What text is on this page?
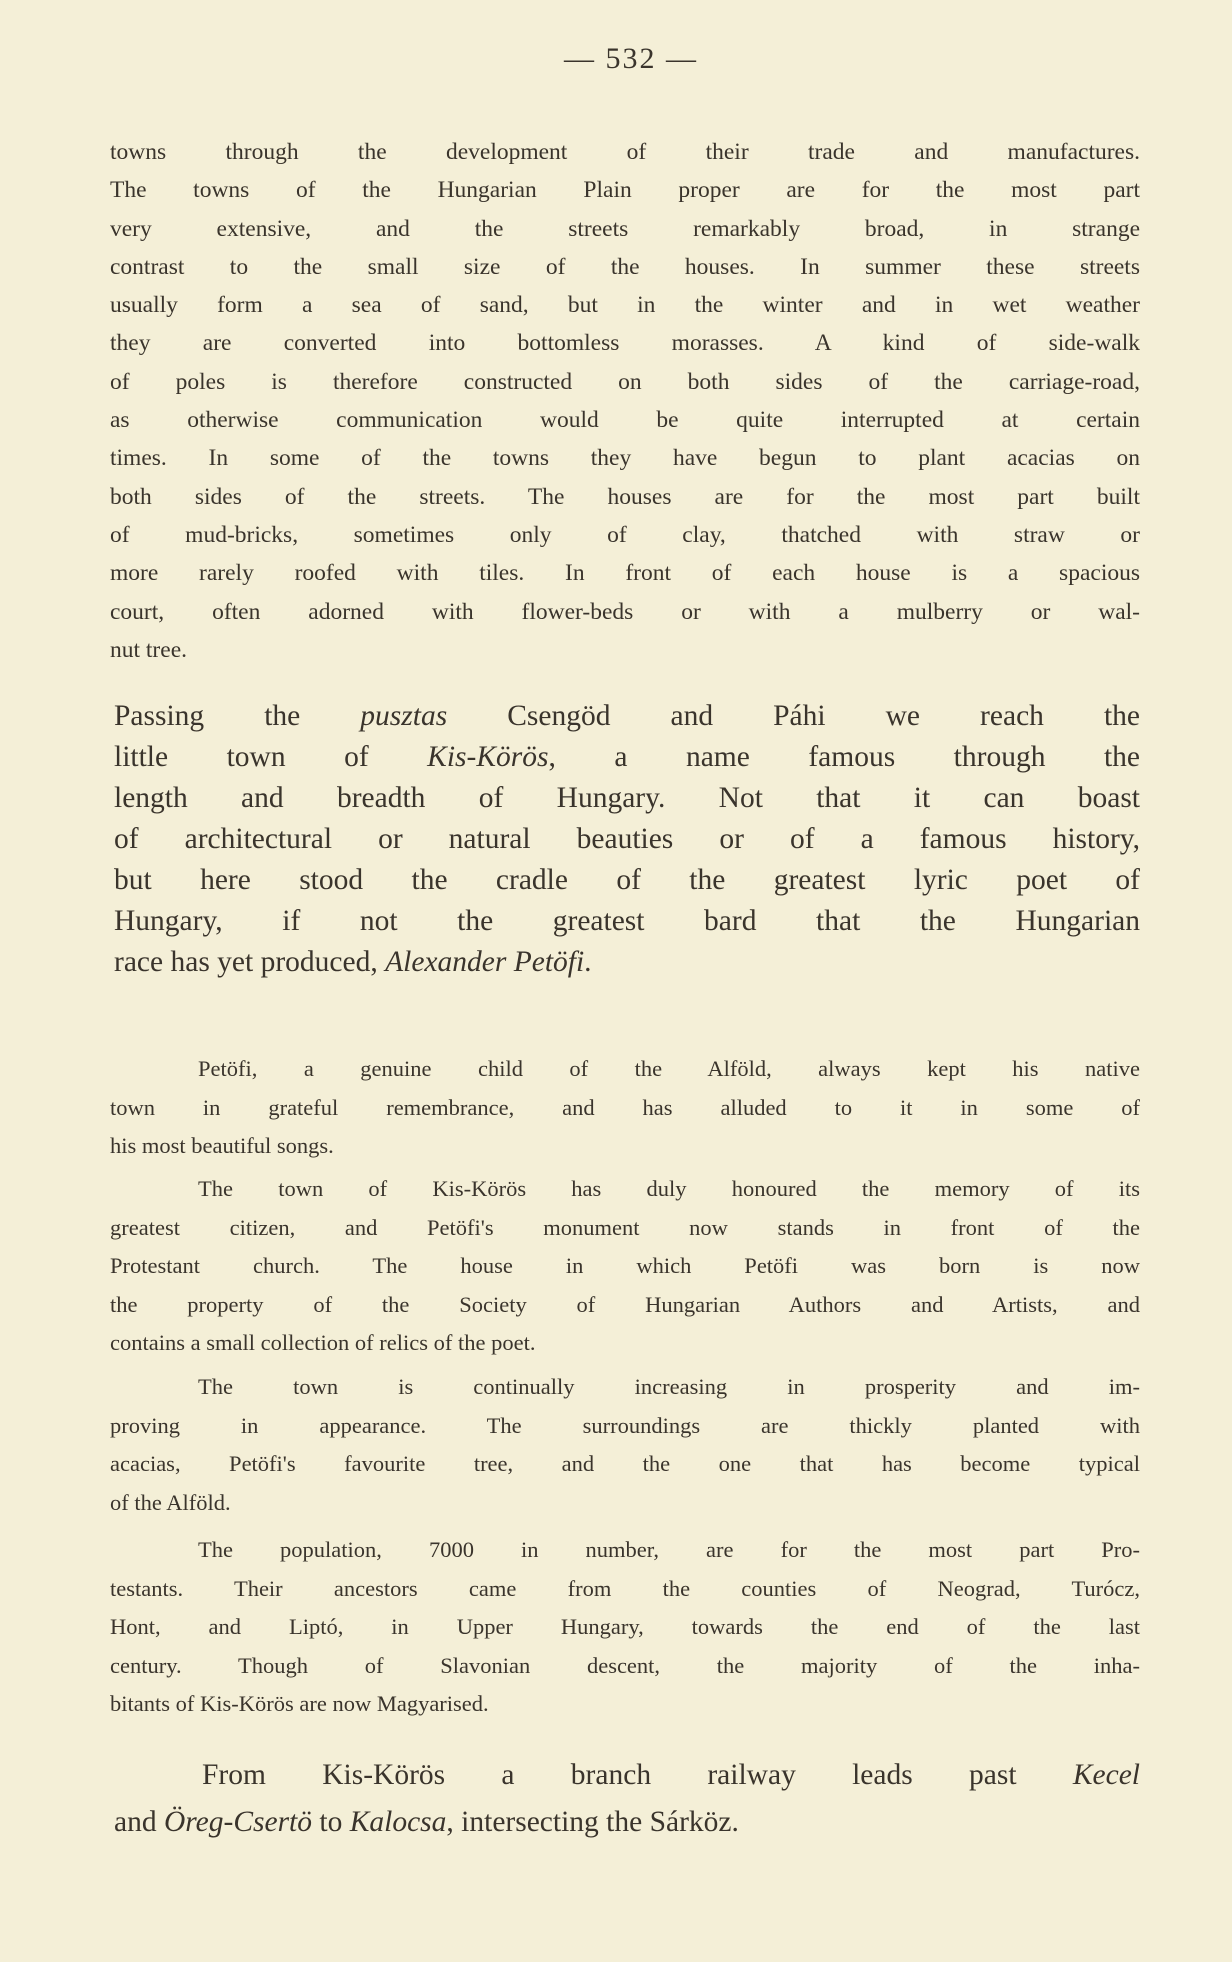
— 532 —
towns through the development of their trade and manufactures.
The towns of the Hungarian Plain proper are for the most part
very extensive, and the streets remarkably broad, in strange
contrast to the small size of the houses. In summer these streets
usually form a sea of sand, but in the winter and in wet weather
they are converted into bottomless morasses. A kind of side-walk
of poles is therefore constructed on both sides of the carriage-road,
as otherwise communication would be quite interrupted at certain
times. In some of the towns they have begun to plant acacias on
both sides of the streets. The houses are for the most part built
of mud-bricks, sometimes only of clay, thatched with straw or
more rarely roofed with tiles. In front of each house is a spacious
court, often adorned with flower-beds or with a mulberry or wal-
nut tree.
Passing the pusztas Csengöd and Páhi we reach the
little town of Kis-Körös, a name famous through the
length and breadth of Hungary. Not that it can boast
of architectural or natural beauties or of a famous history,
but here stood the cradle of the greatest lyric poet of
Hungary, if not the greatest bard that the Hungarian
race has yet produced, Alexander Petöfi.
Petöfi, a genuine child of the Alföld, always kept his native
town in grateful remembrance, and has alluded to it in some of
his most beautiful songs.
The town of Kis-Körös has duly honoured the memory of its
greatest citizen, and Petöfi's monument now stands in front of the
Protestant church. The house in which Petöfi was born is now
the property of the Society of Hungarian Authors and Artists, and
contains a small collection of relics of the poet.
The town is continually increasing in prosperity and im-
proving in appearance. The surroundings are thickly planted with
acacias, Petöfi's favourite tree, and the one that has become typical
of the Alföld.
The population, 7000 in number, are for the most part Pro-
testants. Their ancestors came from the counties of Neograd, Turócz,
Hont, and Liptó, in Upper Hungary, towards the end of the last
century. Though of Slavonian descent, the majority of the inha-
bitants of Kis-Körös are now Magyarised.
From Kis-Körös a branch railway leads past Kecel
and Öreg-Csertö to Kalocsa, intersecting the Sárköz.
